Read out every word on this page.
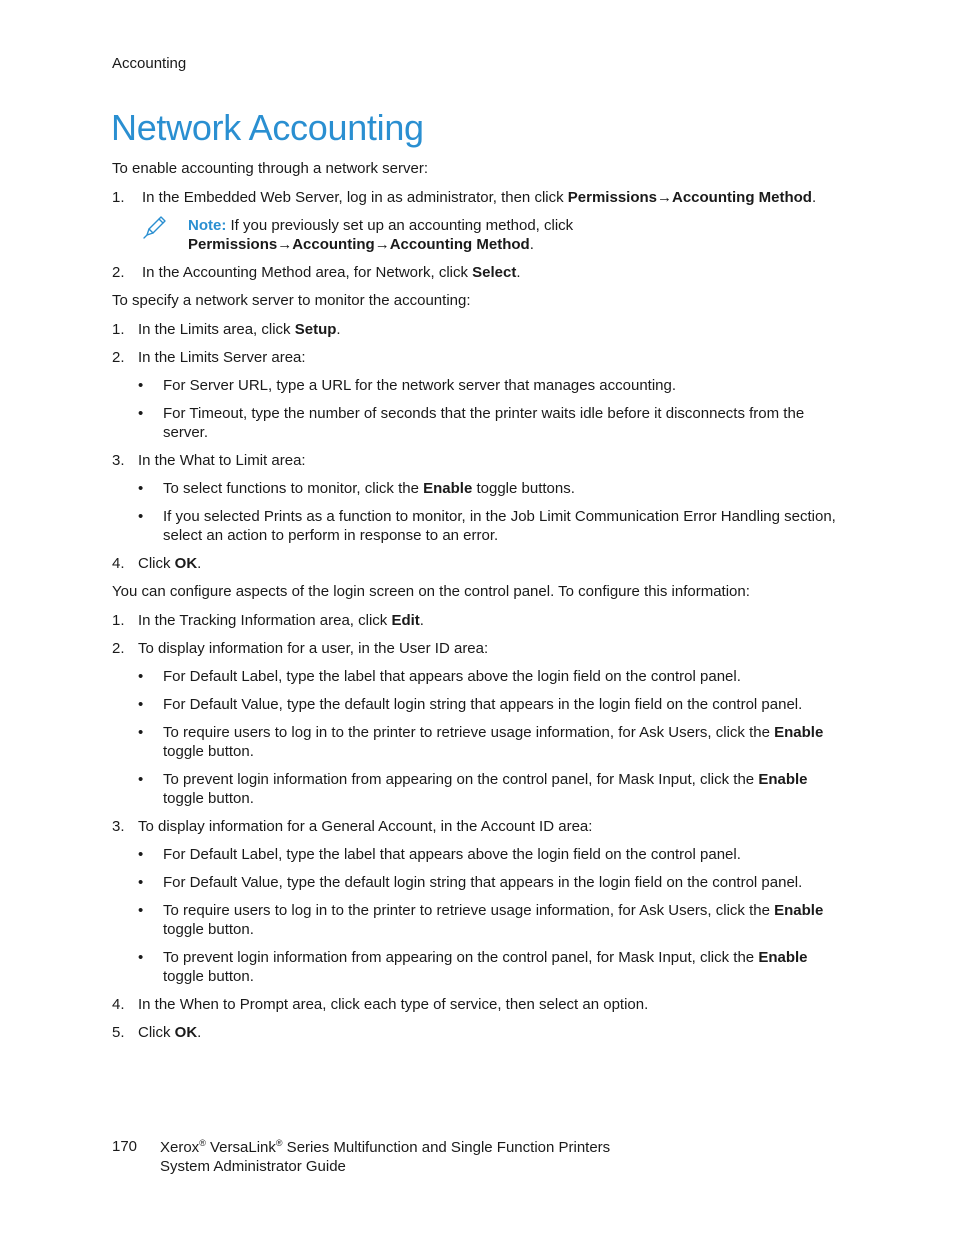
Accounting
Network Accounting

To enable accounting through a network server:

1. In the Embedded Web Server, log in as administrator, then click Permissions→Accounting Method.
Note: If you previously set up an accounting method, click
Permissions→Accounting→Accounting Method.
2. In the Accounting Method area, for Network, click Select.

To specify a network server to monitor the accounting:

1. In the Limits area, click Setup.
2. In the Limits Server area:
• For Server URL, type a URL for the network server that manages accounting.
• For Timeout, type the number of seconds that the printer waits idle before it disconnects from the server.
3. In the What to Limit area:
• To select functions to monitor, click the Enable toggle buttons.
• If you selected Prints as a function to monitor, in the Job Limit Communication Error Handling section, select an action to perform in response to an error.
4. Click OK.

You can configure aspects of the login screen on the control panel. To configure this information:

1. In the Tracking Information area, click Edit.
2. To display information for a user, in the User ID area:
• For Default Label, type the label that appears above the login field on the control panel.
• For Default Value, type the default login string that appears in the login field on the control panel.
• To require users to log in to the printer to retrieve usage information, for Ask Users, click the Enable toggle button.
• To prevent login information from appearing on the control panel, for Mask Input, click the Enable toggle button.
3. To display information for a General Account, in the Account ID area:
• For Default Label, type the label that appears above the login field on the control panel.
• For Default Value, type the default login string that appears in the login field on the control panel.
• To require users to log in to the printer to retrieve usage information, for Ask Users, click the Enable toggle button.
• To prevent login information from appearing on the control panel, for Mask Input, click the Enable toggle button.
4. In the When to Prompt area, click each type of service, then select an option.
5. Click OK.
170 Xerox® VersaLink® Series Multifunction and Single Function Printers
System Administrator Guide
